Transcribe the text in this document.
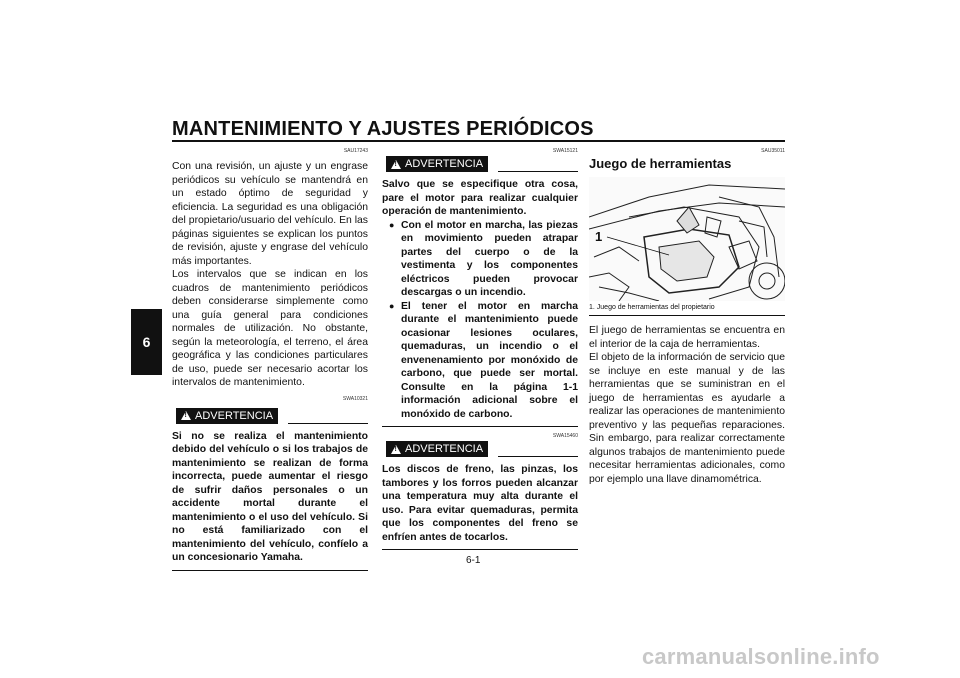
MANTENIMIENTO Y AJUSTES PERIÓDICOS
6
SAU17243

Con una revisión, un ajuste y un engrase periódicos su vehículo se mantendrá en un estado óptimo de seguridad y eficiencia. La seguridad es una obligación del propietario/usuario del vehículo. En las páginas siguientes se explican los puntos de revisión, ajuste y engrase del vehículo más importantes.

Los intervalos que se indican en los cuadros de mantenimiento periódicos deben considerarse simplemente como una guía general para condiciones normales de utilización. No obstante, según la meteorología, el terreno, el área geográfica y las condiciones particulares de uso, puede ser necesario acortar los intervalos de mantenimiento.

SWA10321
!
ADVERTENCIA
Si no se realiza el mantenimiento debido del vehículo o si los trabajos de mantenimiento se realizan de forma incorrecta, puede aumentar el riesgo de sufrir daños personales o un accidente mortal durante el mantenimiento o el uso del vehículo. Si no está familiarizado con el mantenimiento del vehículo, confíelo a un concesionario Yamaha.
SWA15121
!
ADVERTENCIA
Salvo que se especifique otra cosa, pare el motor para realizar cualquier operación de mantenimiento.
● Con el motor en marcha, las piezas en movimiento pueden atrapar partes del cuerpo o de la vestimenta y los componentes eléctricos pueden provocar descargas o un incendio.
● El tener el motor en marcha durante el mantenimiento puede ocasionar lesiones oculares, quemaduras, un incendio o el envenenamiento por monóxido de carbono, que puede ser mortal. Consulte en la página 1-1 información adicional sobre el monóxido de carbono.
SWA15460
!
ADVERTENCIA
Los discos de freno, las pinzas, los tambores y los forros pueden alcanzar una temperatura muy alta durante el uso. Para evitar quemaduras, permita que los componentes del freno se enfríen antes de tocarlos.
SAU35011
Juego de herramientas
1
1. Juego de herramientas del propietario

El juego de herramientas se encuentra en el interior de la caja de herramientas.

El objeto de la información de servicio que se incluye en este manual y de las herramientas que se suministran en el juego de herramientas es ayudarle a realizar las operaciones de mantenimiento preventivo y las pequeñas reparaciones. Sin embargo, para realizar correctamente algunos trabajos de mantenimiento puede necesitar herramientas adicionales, como por ejemplo una llave dinamométrica.

6-1
carmanualsonline.info
